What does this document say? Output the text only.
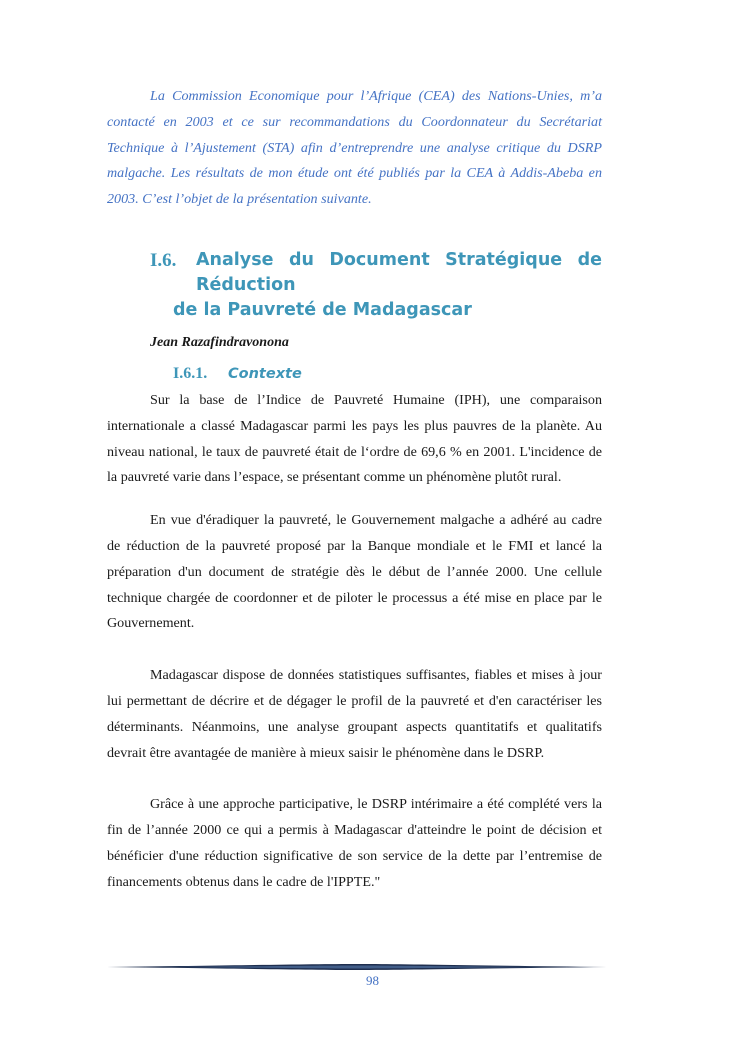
La Commission Economique pour l’Afrique (CEA) des Nations-Unies, m’a contacté en 2003 et ce sur recommandations du Coordonnateur du Secrétariat Technique à l’Ajustement (STA) afin d’entreprendre une analyse critique du DSRP malgache. Les résultats de mon étude ont été publiés par la CEA à Addis-Abeba en 2003. C’est l’objet de la présentation suivante.

I.6.	Analyse du Document Stratégique de Réduction
de la Pauvreté de Madagascar
Jean Razafindravonona
I.6.1.	Contexte

Sur la base de l’Indice de Pauvreté Humaine (IPH), une comparaison internationale a classé Madagascar parmi les pays les plus pauvres de la planète. Au niveau national, le taux de pauvreté était de l‘ordre de 69,6 % en 2001. L'incidence de la pauvreté varie dans l’espace, se présentant comme un phénomène plutôt rural.

En vue d'éradiquer la pauvreté, le Gouvernement malgache a adhéré au cadre de réduction de la pauvreté proposé par la Banque mondiale et le FMI et lancé la préparation d'un document de stratégie dès le début de l’année 2000. Une cellule technique chargée de coordonner et de piloter le processus a été mise en place par le Gouvernement.

Madagascar dispose de données statistiques suffisantes, fiables et mises à jour lui permettant de décrire et de dégager le profil de la pauvreté et d'en caractériser les déterminants. Néanmoins, une analyse groupant aspects quantitatifs et qualitatifs devrait être avantagée de manière à mieux saisir le phénomène dans le DSRP.

Grâce à une approche participative, le DSRP intérimaire a été complété vers la fin de l’année 2000 ce qui a permis à Madagascar d'atteindre le point de décision et bénéficier d'une réduction significative de son service de la dette par l’entremise de financements obtenus dans le cadre de l'IPPTE."

98
